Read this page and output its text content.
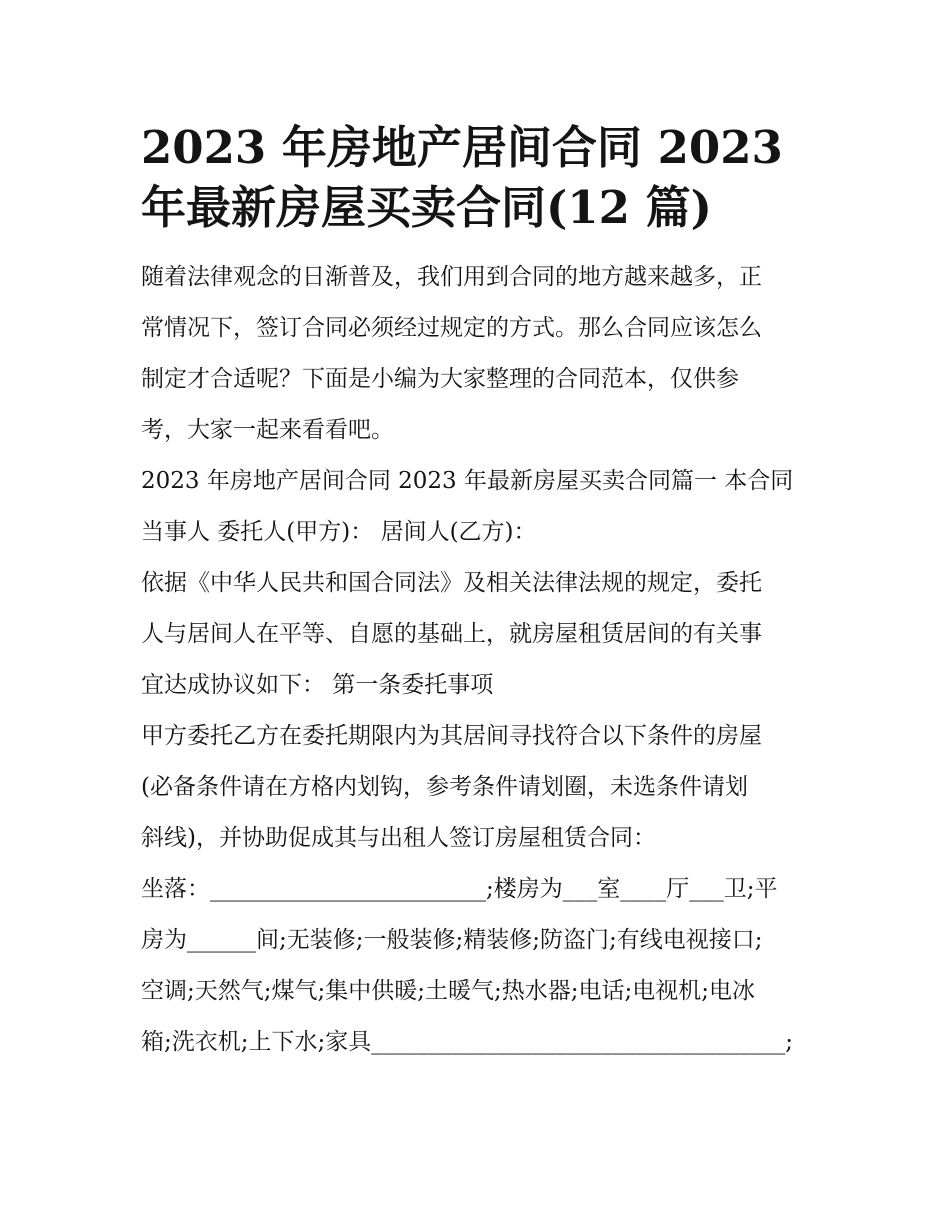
2023 年房地产居间合同 2023
年最新房屋买卖合同(12 篇)

随着法律观念的日渐普及，我们用到合同的地方越来越多，正
常情况下，签订合同必须经过规定的方式。那么合同应该怎么
制定才合适呢？下面是小编为大家整理的合同范本，仅供参
考，大家一起来看看吧。

2023 年房地产居间合同 2023 年最新房屋买卖合同篇一 本合同
当事人 委托人(甲方)： 居间人(乙方)：

依据《中华人民共和国合同法》及相关法律法规的规定，委托
人与居间人在平等、自愿的基础上，就房屋租赁居间的有关事
宜达成协议如下： 第一条委托事项

甲方委托乙方在委托期限内为其居间寻找符合以下条件的房屋
(必备条件请在方格内划钩，参考条件请划圈，未选条件请划
斜线)，并协助促成其与出租人签订房屋租赁合同：

坐落：________________________;楼房为___室____厅___卫;平
房为______间;无装修;一般装修;精装修;防盗门;有线电视接口;
空调;天然气;煤气;集中供暖;土暖气;热水器;电话;电视机;电冰
箱;洗衣机;上下水;家具____________________________________;
